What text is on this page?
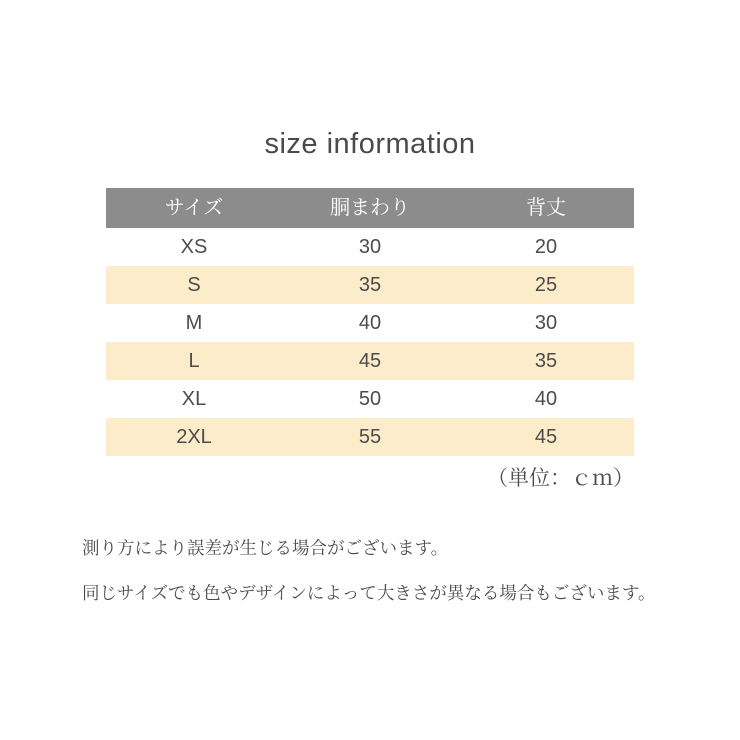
size information
サイズ	胴まわり	背丈
XS	30	20
S	35	25
M	40	30
L	45	35
XL	50	40
2XL	55	45
（単位：ｃｍ）
測り方により誤差が生じる場合がございます。
同じサイズでも色やデザインによって大きさが異なる場合もございます。
